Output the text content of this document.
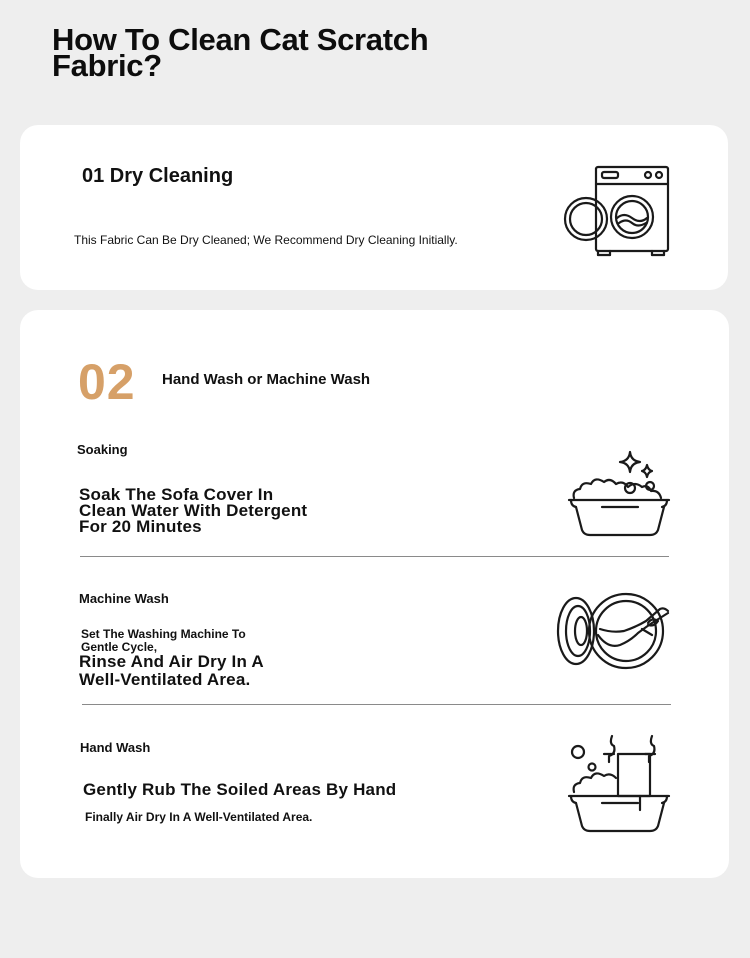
How To Clean Cat Scratch
Fabric?
01 Dry Cleaning

This Fabric Can Be Dry Cleaned; We Recommend Dry Cleaning Initially.

02 Hand Wash or Machine Wash
Soaking
Soak The Sofa Cover In
Clean Water With Detergent
For 20 Minutes
Machine Wash
Set The Washing Machine To
Gentle Cycle,
Rinse And Air Dry In A
Well-Ventilated Area.
Hand Wash
Gently Rub The Soiled Areas By Hand
Finally Air Dry In A Well-Ventilated Area.
